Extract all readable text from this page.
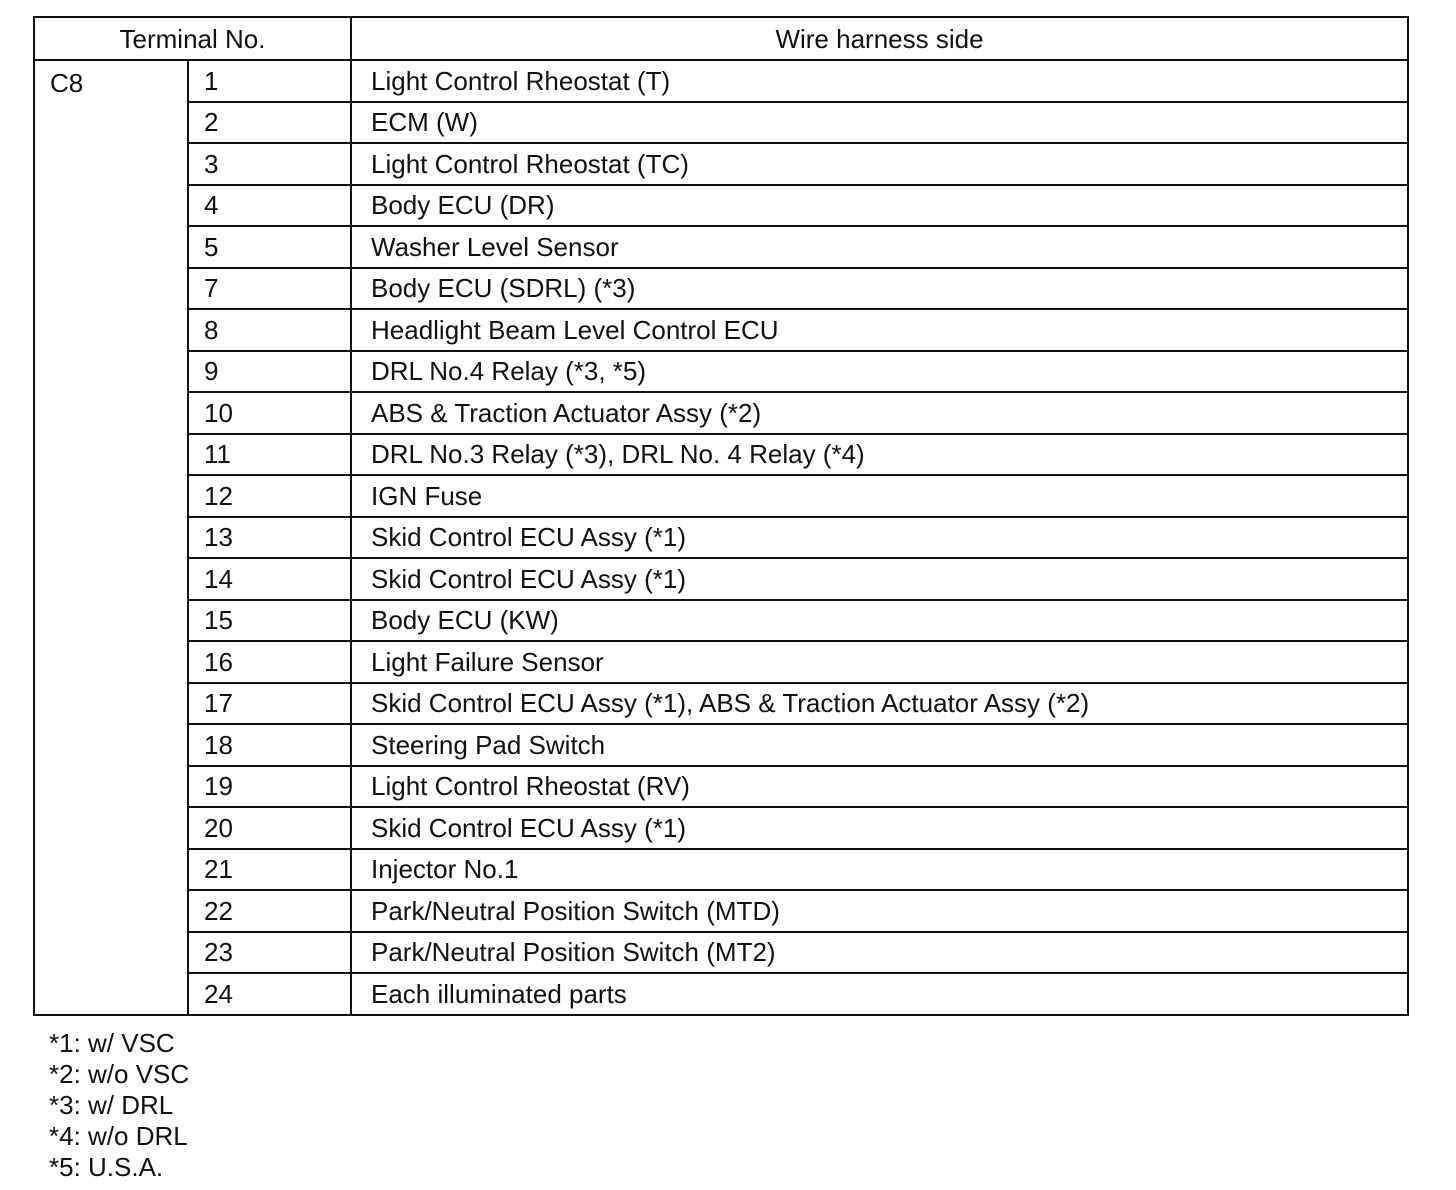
Terminal No.		Wire harness side
C8	1	Light Control Rheostat (T)
	2	ECM (W)
	3	Light Control Rheostat (TC)
	4	Body ECU (DR)
	5	Washer Level Sensor
	7	Body ECU (SDRL) (*3)
	8	Headlight Beam Level Control ECU
	9	DRL No.4 Relay (*3, *5)
	10	ABS & Traction Actuator Assy (*2)
	11	DRL No.3 Relay (*3), DRL No. 4 Relay (*4)
	12	IGN Fuse
	13	Skid Control ECU Assy (*1)
	14	Skid Control ECU Assy (*1)
	15	Body ECU (KW)
	16	Light Failure Sensor
	17	Skid Control ECU Assy (*1), ABS & Traction Actuator Assy (*2)
	18	Steering Pad Switch
	19	Light Control Rheostat (RV)
	20	Skid Control ECU Assy (*1)
	21	Injector No.1
	22	Park/Neutral Position Switch (MTD)
	23	Park/Neutral Position Switch (MT2)
	24	Each illuminated parts
*1: w/ VSC
*2: w/o VSC
*3: w/ DRL
*4: w/o DRL
*5: U.S.A.
